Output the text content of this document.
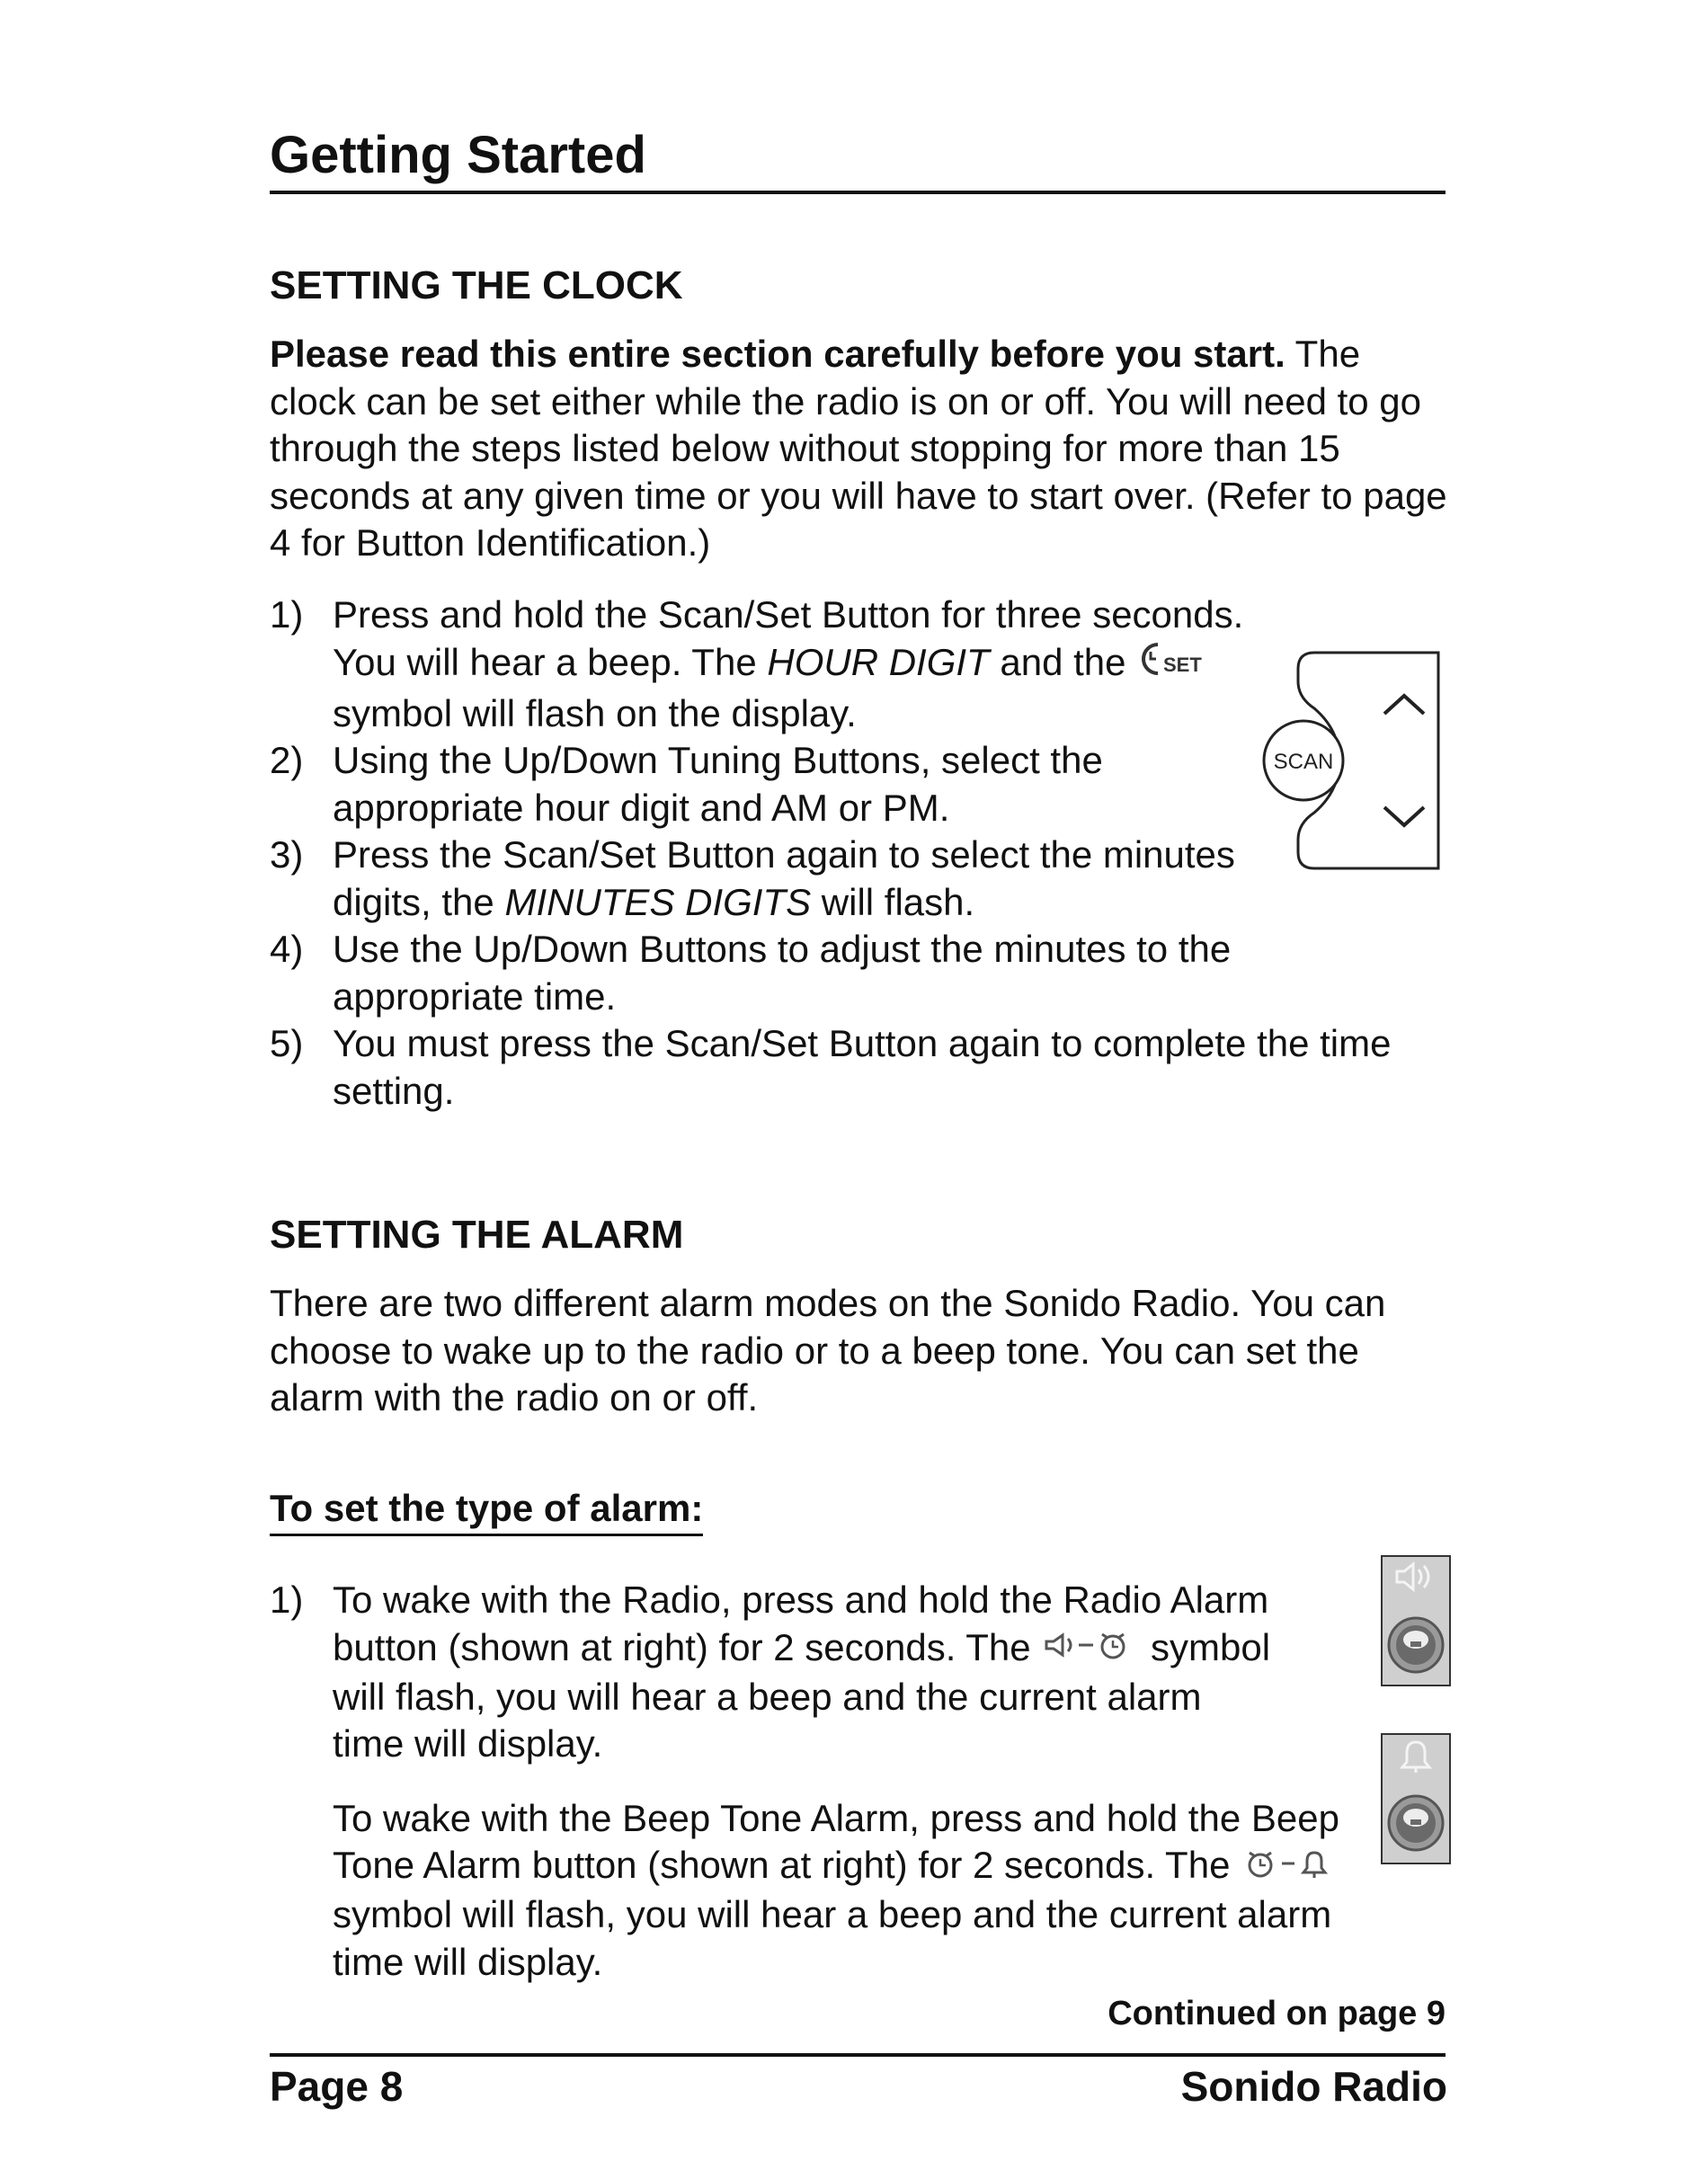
Getting Started
SETTING THE CLOCK
Please read this entire section carefully before you start. The clock can be set either while the radio is on or off. You will need to go through the steps listed below without stopping for more than 15 seconds at any given time or you will have to start over. (Refer to page 4 for Button Identification.)
1) Press and hold the Scan/Set Button for three seconds. You will hear a beep. The HOUR DIGIT and the SET
symbol will flash on the display.
2) Using the Up/Down Tuning Buttons, select the appropriate hour digit and AM or PM.
3) Press the Scan/Set Button again to select the minutes digits, the MINUTES DIGITS will flash.
4) Use the Up/Down Buttons to adjust the minutes to the appropriate time.
5) You must press the Scan/Set Button again to complete the time setting.
SCAN
SETTING THE ALARM
There are two different alarm modes on the Sonido Radio. You can choose to wake up to the radio or to a beep tone. You can set the alarm with the radio on or off.
To set the type of alarm:
1) To wake with the Radio, press and hold the Radio Alarm button (shown at right) for 2 seconds. The	symbol will flash, you will hear a beep and the current alarm time will display.
To wake with the Beep Tone Alarm, press and hold the Beep Tone Alarm button (shown at right) for 2 seconds. The  symbol will flash, you will hear a beep and the current alarm time will display.
Continued on page 9
Page 8	Sonido Radio
